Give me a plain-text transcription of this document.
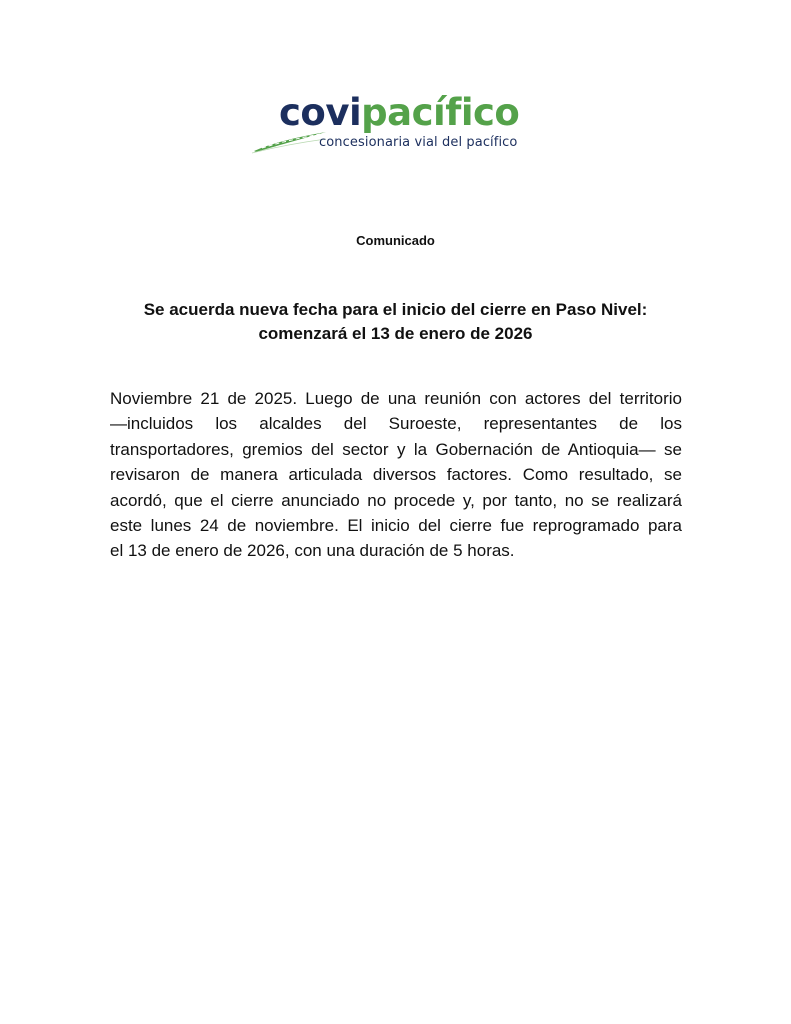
covipacífico
concesionaria vial del pacífico
Comunicado
Se acuerda nueva fecha para el inicio del cierre en Paso Nivel:
comenzará el 13 de enero de 2026
Noviembre 21 de 2025. Luego de una reunión con actores del territorio
—incluidos los alcaldes del Suroeste, representantes de los
transportadores, gremios del sector y la Gobernación de Antioquia— se
revisaron de manera articulada diversos factores. Como resultado, se
acordó, que el cierre anunciado no procede y, por tanto, no se realizará
este lunes 24 de noviembre. El inicio del cierre fue reprogramado para
el 13 de enero de 2026, con una duración de 5 horas.
